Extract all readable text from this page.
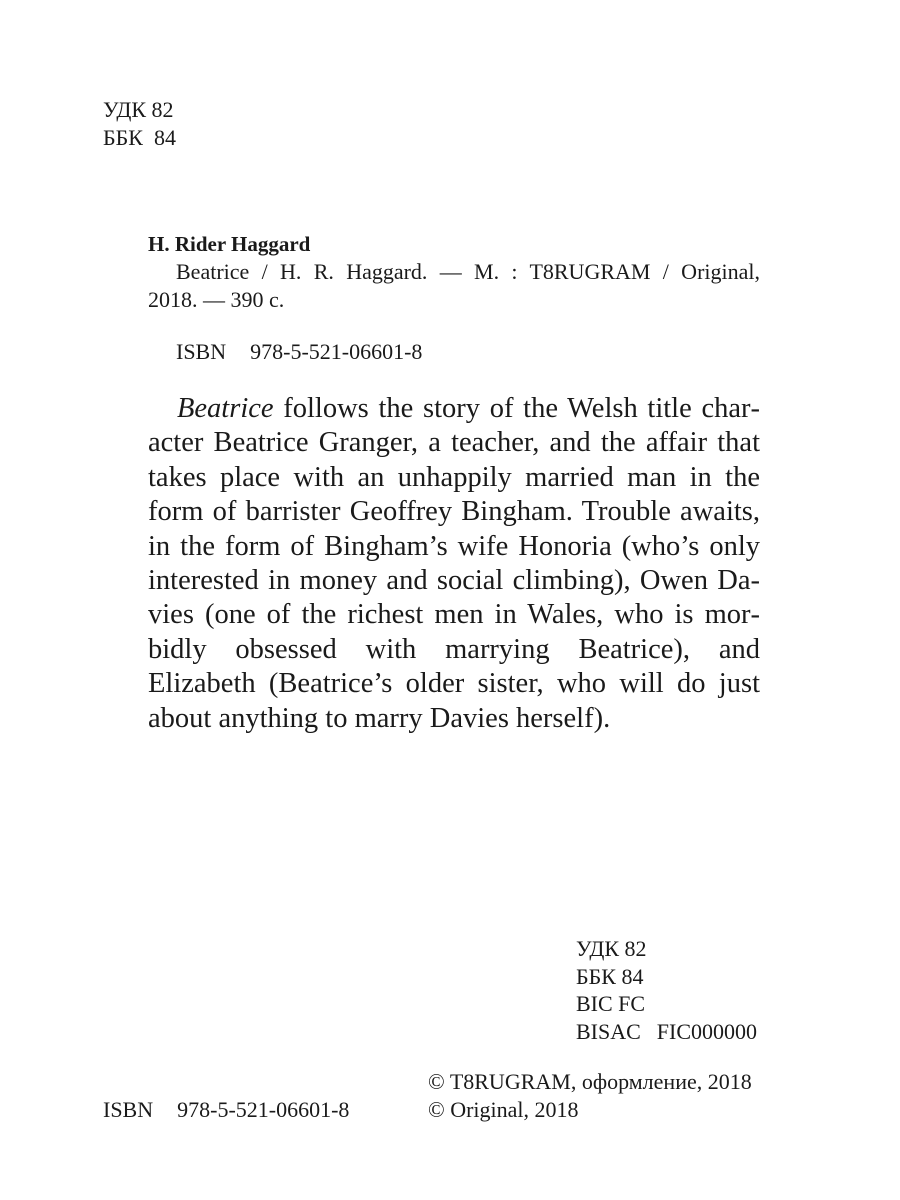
УДК 82
ББК  84
H. Rider Haggard

Beatrice / H. R. Haggard. — M. : T8RUGRAM / Original,

2018. — 390 с.
ISBN 978-5-521-06601-8

Beatrice follows the story of the Welsh title character Beatrice Granger, a teacher, and the affair that takes place with an unhappily married man in the form of barrister Geoffrey Bingham. Trouble awaits, in the form of Bingham’s wife Honoria (who’s only interested in money and social climbing), Owen Davies (one of the richest men in Wales, who is morbidly obsessed with marrying Beatrice), and Elizabeth (Beatrice’s older sister, who will do just about anything to marry Davies herself).

УДК 82
ББК 84
BIC FC
BISAC FIC000000
ISBN 978-5-521-06601-8
© T8RUGRAM, оформление, 2018
© Original, 2018
